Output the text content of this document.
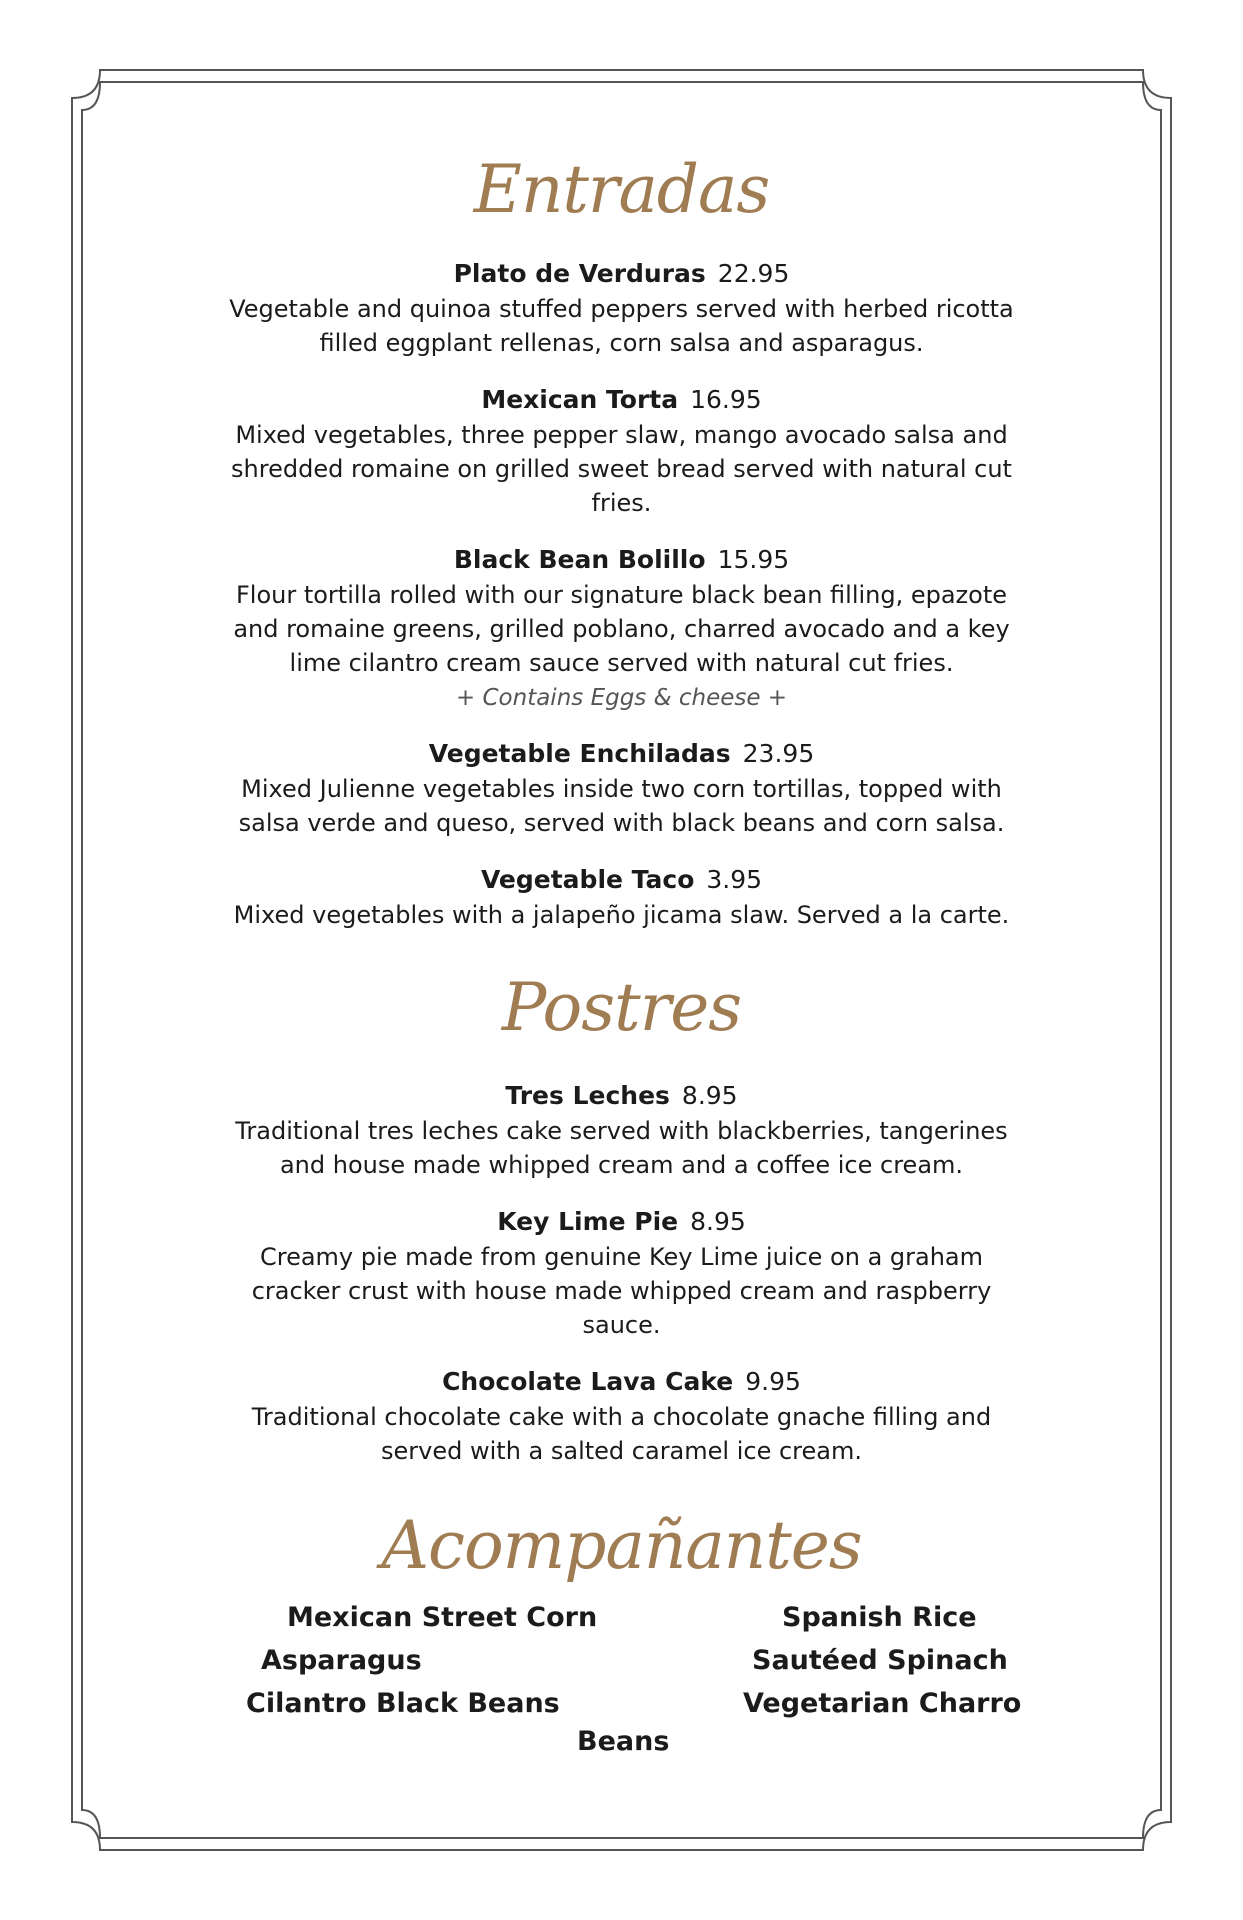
Entradas

Plato de Verduras 22.95

Vegetable and quinoa stuffed peppers served with herbed ricotta filled eggplant rellenas, corn salsa and asparagus.

Mexican Torta 16.95

Mixed vegetables, three pepper slaw, mango avocado salsa and shredded romaine on grilled sweet bread served with natural cut fries.

Black Bean Bolillo 15.95

Flour tortilla rolled with our signature black bean filling, epazote and romaine greens, grilled poblano, charred avocado and a key lime cilantro cream sauce served with natural cut fries.

+ Contains Eggs & cheese +

Vegetable Enchiladas 23.95

Mixed Julienne vegetables inside two corn tortillas, topped with salsa verde and queso, served with black beans and corn salsa.

Vegetable Taco 3.95

Mixed vegetables with a jalapeño jicama slaw. Served a la carte.

Postres

Tres Leches 8.95

Traditional tres leches cake served with blackberries, tangerines and house made whipped cream and a coffee ice cream.

Key Lime Pie 8.95

Creamy pie made from genuine Key Lime juice on a graham cracker crust with house made whipped cream and raspberry sauce.

Chocolate Lava Cake 9.95

Traditional chocolate cake with a chocolate gnache filling and served with a salted caramel ice cream.

Acompañantes

Mexican Street Corn	Spanish Rice

Asparagus	Sautéed Spinach

Cilantro Black Beans	Vegetarian Charro

Beans
